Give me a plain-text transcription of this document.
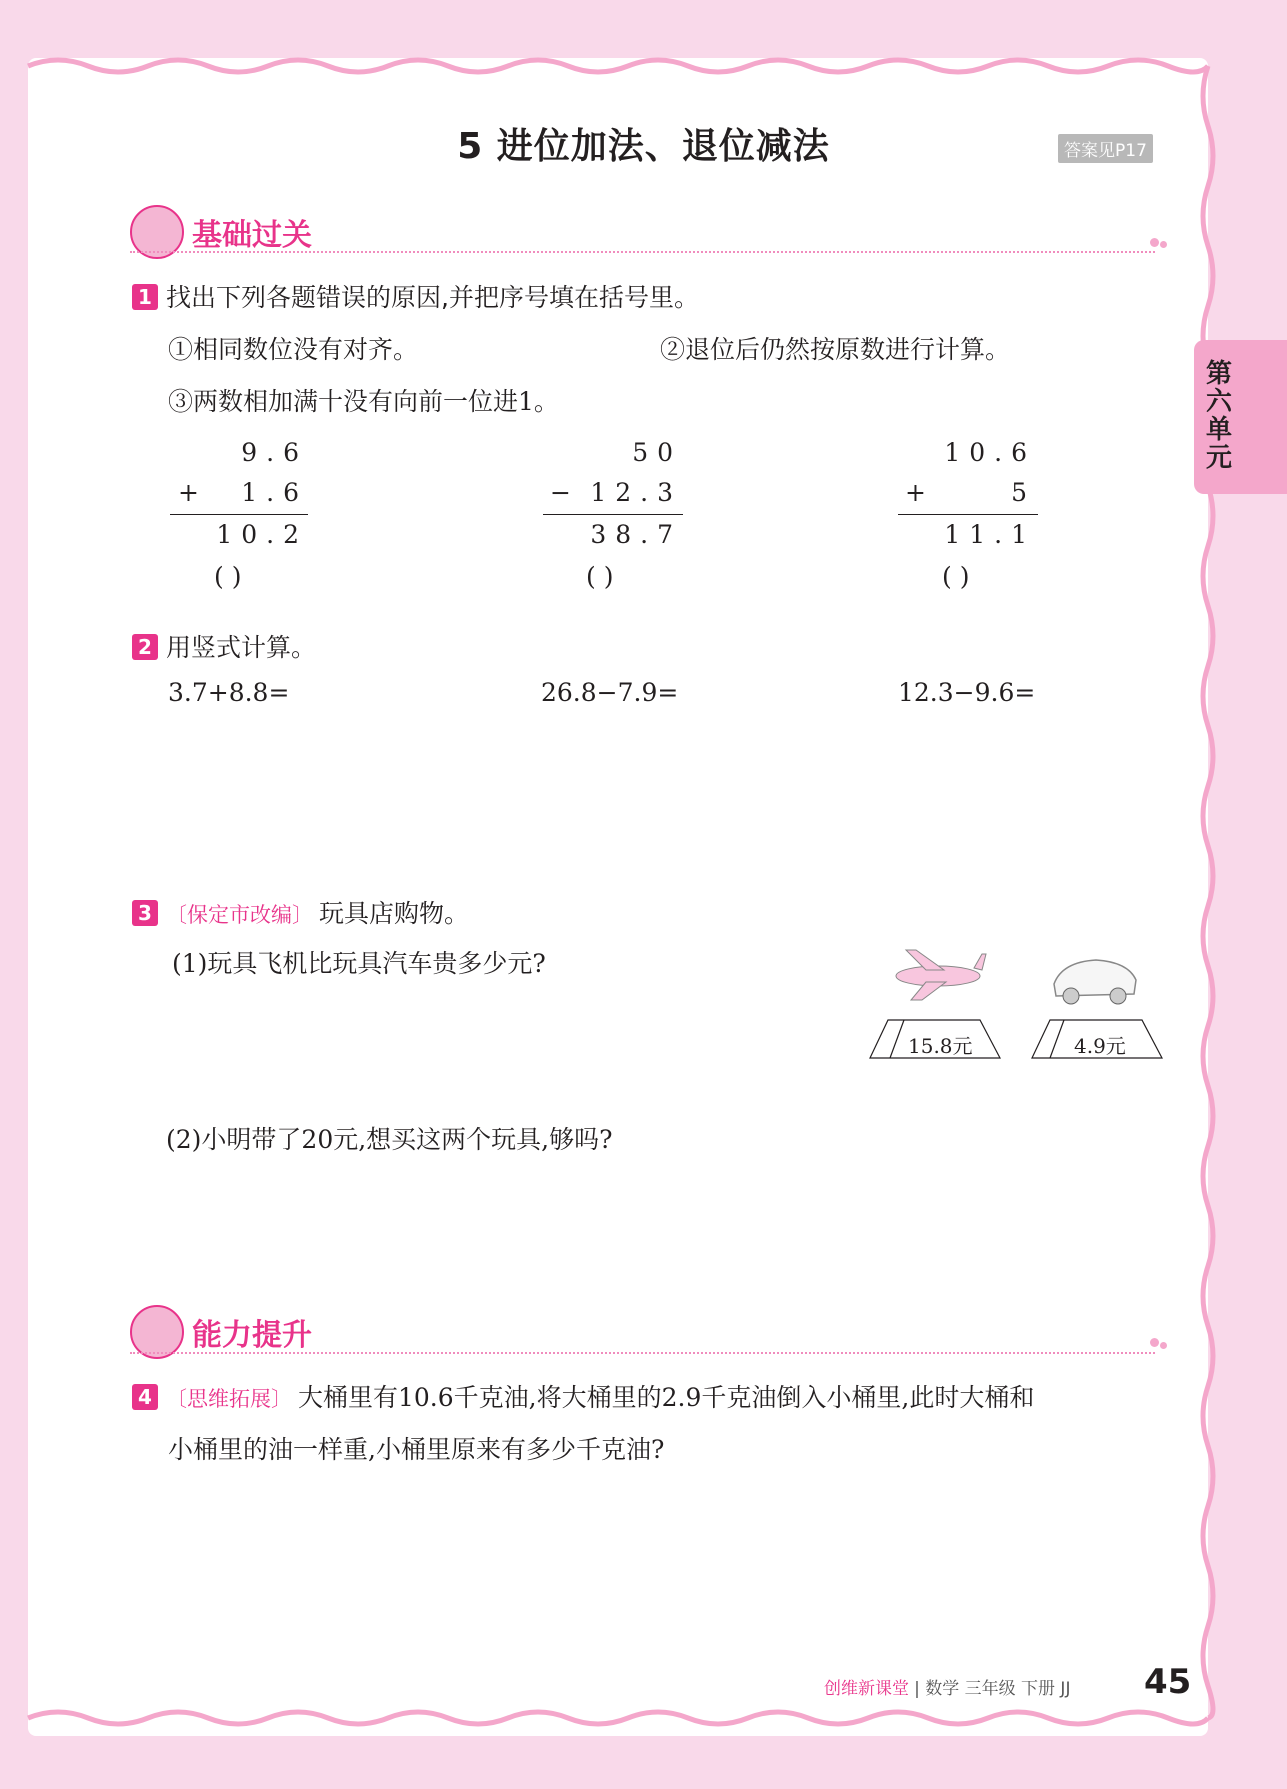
5 进位加法、退位减法	答案见P17
第六单元
基础过关
1 找出下列各题错误的原因,并把序号填在括号里。
①相同数位没有对齐。	②退位后仍然按原数进行计算。
③两数相加满十没有向前一位进1。
9.6
+	1.6
10.2
( )
50
− 12.3
38.7
( )
10.6
+	5
11.1
( )
2 用竖式计算。
3.7+8.8=	26.8−7.9=	12.3−9.6=
3 〔保定市改编〕 玩具店购物。
(1)玩具飞机比玩具汽车贵多少元?
(2)小明带了20元,想买这两个玩具,够吗?
15.8元	4.9元
能力提升
4 〔思维拓展〕 大桶里有10.6千克油,将大桶里的2.9千克油倒入小桶里,此时大桶和
小桶里的油一样重,小桶里原来有多少千克油?
创维新课堂 | 数学 三年级 下册 JJ 45
